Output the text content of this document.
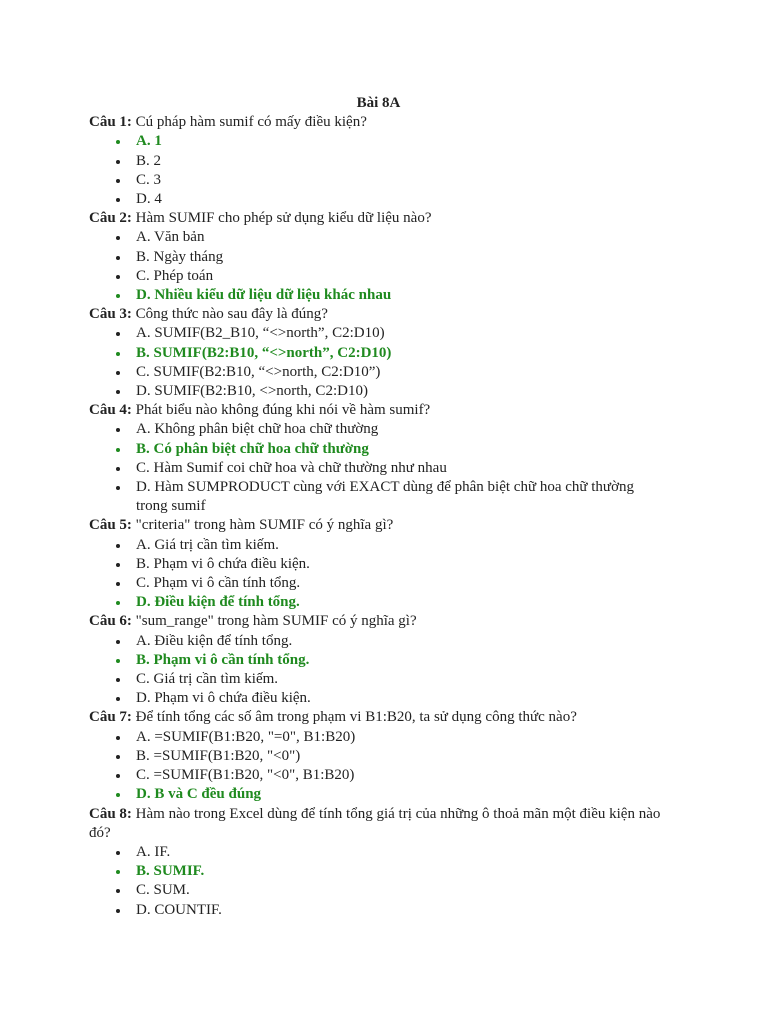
Bài 8A

Câu 1: Cú pháp hàm sumif có mấy điều kiện?

A. 1
B. 2
C. 3
D. 4

Câu 2: Hàm SUMIF cho phép sử dụng kiểu dữ liệu nào?

A. Văn bản
B. Ngày tháng
C. Phép toán
D. Nhiều kiểu dữ liệu dữ liệu khác nhau

Câu 3: Công thức nào sau đây là đúng?

A. SUMIF(B2_B10, “<>north”, C2:D10)
B. SUMIF(B2:B10, “<>north”, C2:D10)
C. SUMIF(B2:B10, “<>north, C2:D10”)
D. SUMIF(B2:B10, <>north, C2:D10)

Câu 4: Phát biểu nào không đúng khi nói về hàm sumif?

A. Không phân biệt chữ hoa chữ thường
B. Có phân biệt chữ hoa chữ thường
C. Hàm Sumif coi chữ hoa và chữ thường như nhau
D. Hàm SUMPRODUCT cùng với EXACT dùng để phân biệt chữ hoa chữ thường trong sumif

Câu 5: "criteria" trong hàm SUMIF có ý nghĩa gì?

A. Giá trị cần tìm kiếm.
B. Phạm vi ô chứa điều kiện.
C. Phạm vi ô cần tính tổng.
D. Điều kiện để tính tổng.

Câu 6: "sum_range" trong hàm SUMIF có ý nghĩa gì?

A. Điều kiện để tính tổng.
B. Phạm vi ô cần tính tổng.
C. Giá trị cần tìm kiếm.
D. Phạm vi ô chứa điều kiện.

Câu 7: Để tính tổng các số âm trong phạm vi B1:B20, ta sử dụng công thức nào?

A. =SUMIF(B1:B20, "=0", B1:B20)
B. =SUMIF(B1:B20, "<0")
C. =SUMIF(B1:B20, "<0", B1:B20)
D. B và C đều đúng

Câu 8: Hàm nào trong Excel dùng để tính tổng giá trị của những ô thoả mãn một điều kiện nào đó?

A. IF.
B. SUMIF.
C. SUM.
D. COUNTIF.
